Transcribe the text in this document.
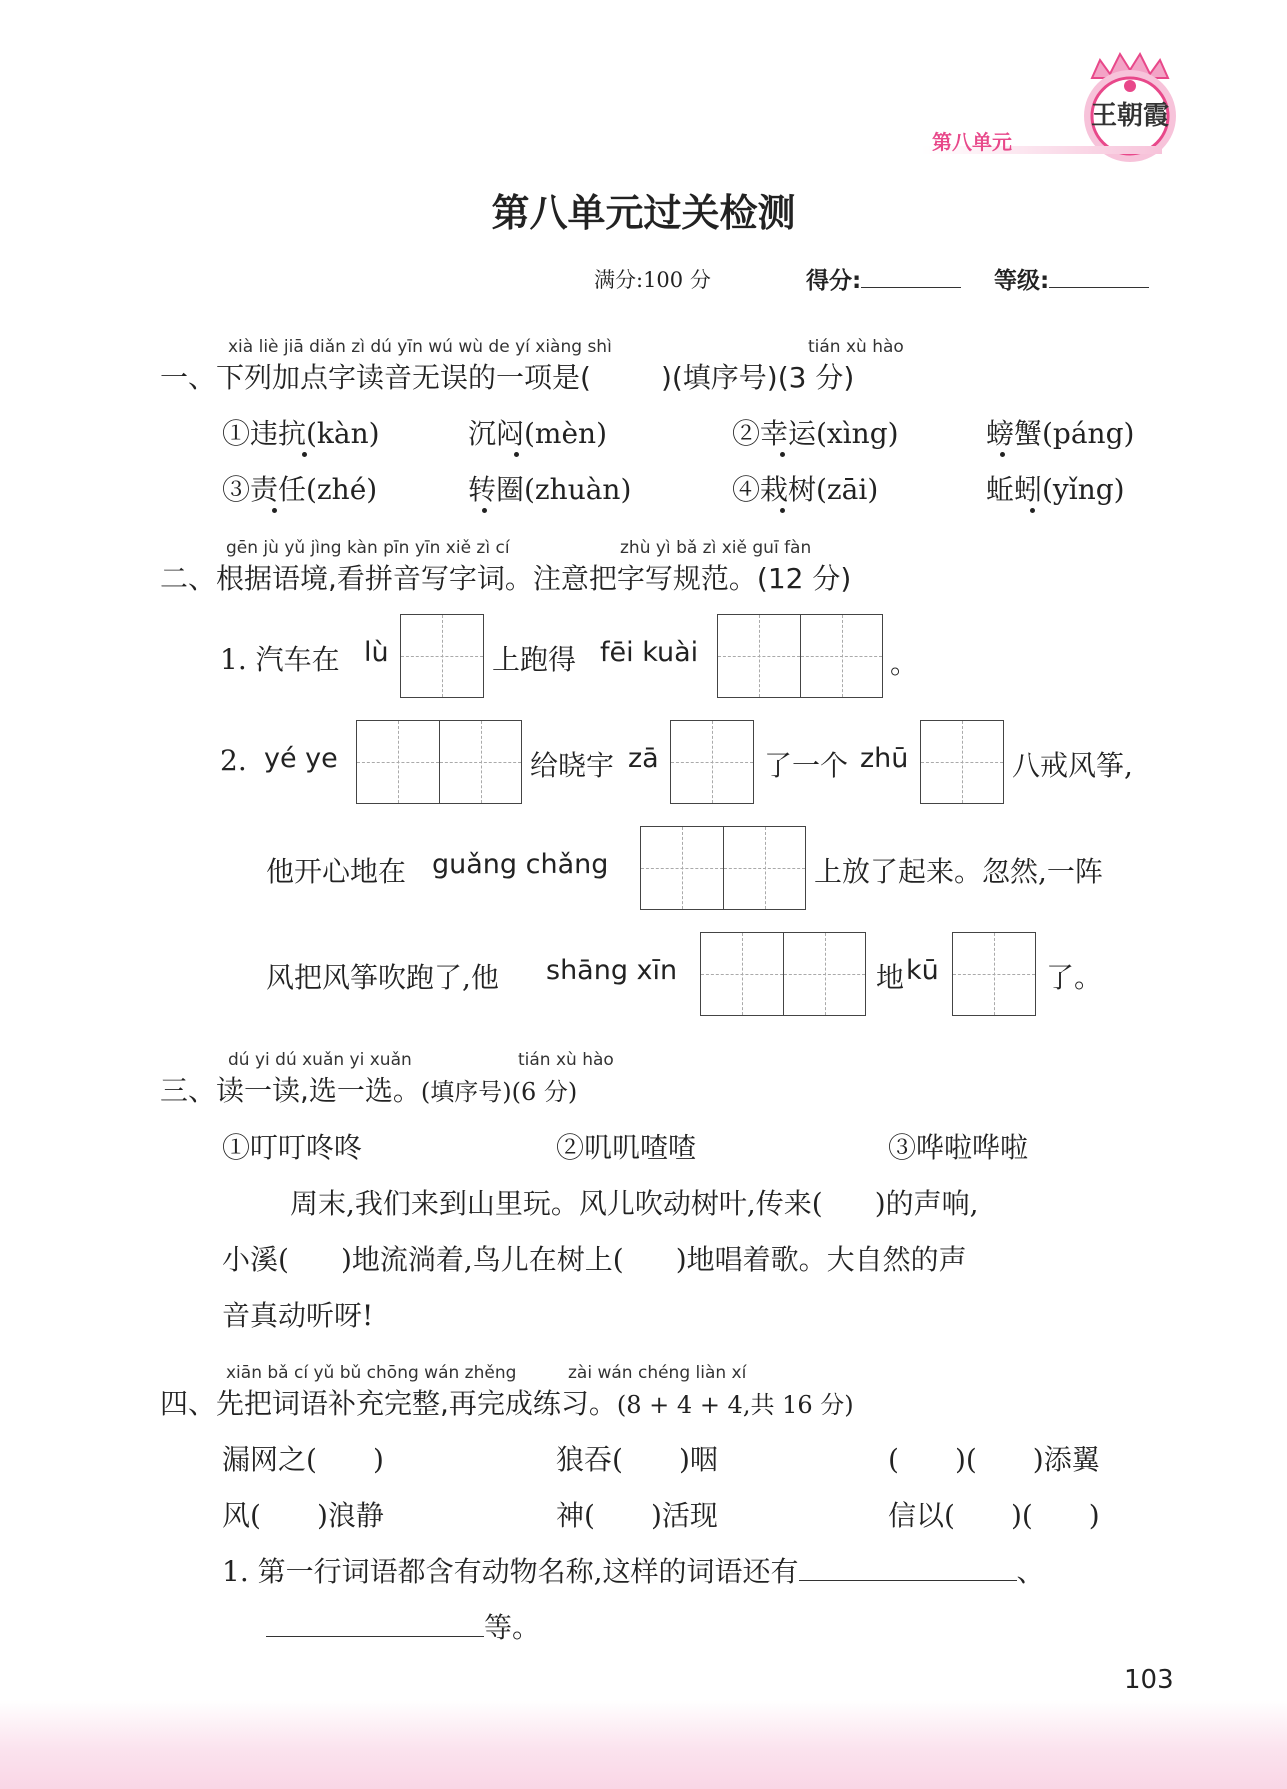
王朝霞
第八单元
第八单元过关检测
满分:100 分	得分:	等级:
xià liè jiā diǎn zì dú yīn wú wù de yí xiàng shì	tián xù hào
一、下列加点字读音无误的一项是(	)(填序号)(3 分)
①违抗(kàn)	沉闷(mèn)	②幸运(xìng)	螃蟹(páng)
③责任(zhé)	转圈(zhuàn)	④栽树(zāi)	蚯蚓(yǐng)
gēn jù yǔ jìng kàn pīn yīn xiě zì cí	zhù yì bǎ zì xiě guī fàn
二、根据语境,看拼音写字词。注意把字写规范。(12 分)
1. 汽车在 lù	上跑得 fēi kuài	。
2. yé ye	给晓宇 zā	了一个 zhū	八戒风筝,
他开心地在 guǎng chǎng	上放了起来。忽然,一阵
风把风筝吹跑了,他 shāng xīn	地 kū	了。
dú yi dú xuǎn yi xuǎn	tián xù hào
三、读一读,选一选。(填序号)(6 分)
①叮叮咚咚	②叽叽喳喳	③哗啦哗啦
周末,我们来到山里玩。风儿吹动树叶,传来( )的声响,
小溪( )地流淌着,鸟儿在树上( )地唱着歌。大自然的声
音真动听呀!
xiān bǎ cí yǔ bǔ chōng wán zhěng	zài wán chéng liàn xí
四、先把词语补充完整,再完成练习。(8 + 4 + 4,共 16 分)
漏网之( )	狼吞( )咽	( )( )添翼
风( )浪静	神( )活现	信以( )( )
1. 第一行词语都含有动物名称,这样的词语还有	、
等。
103
